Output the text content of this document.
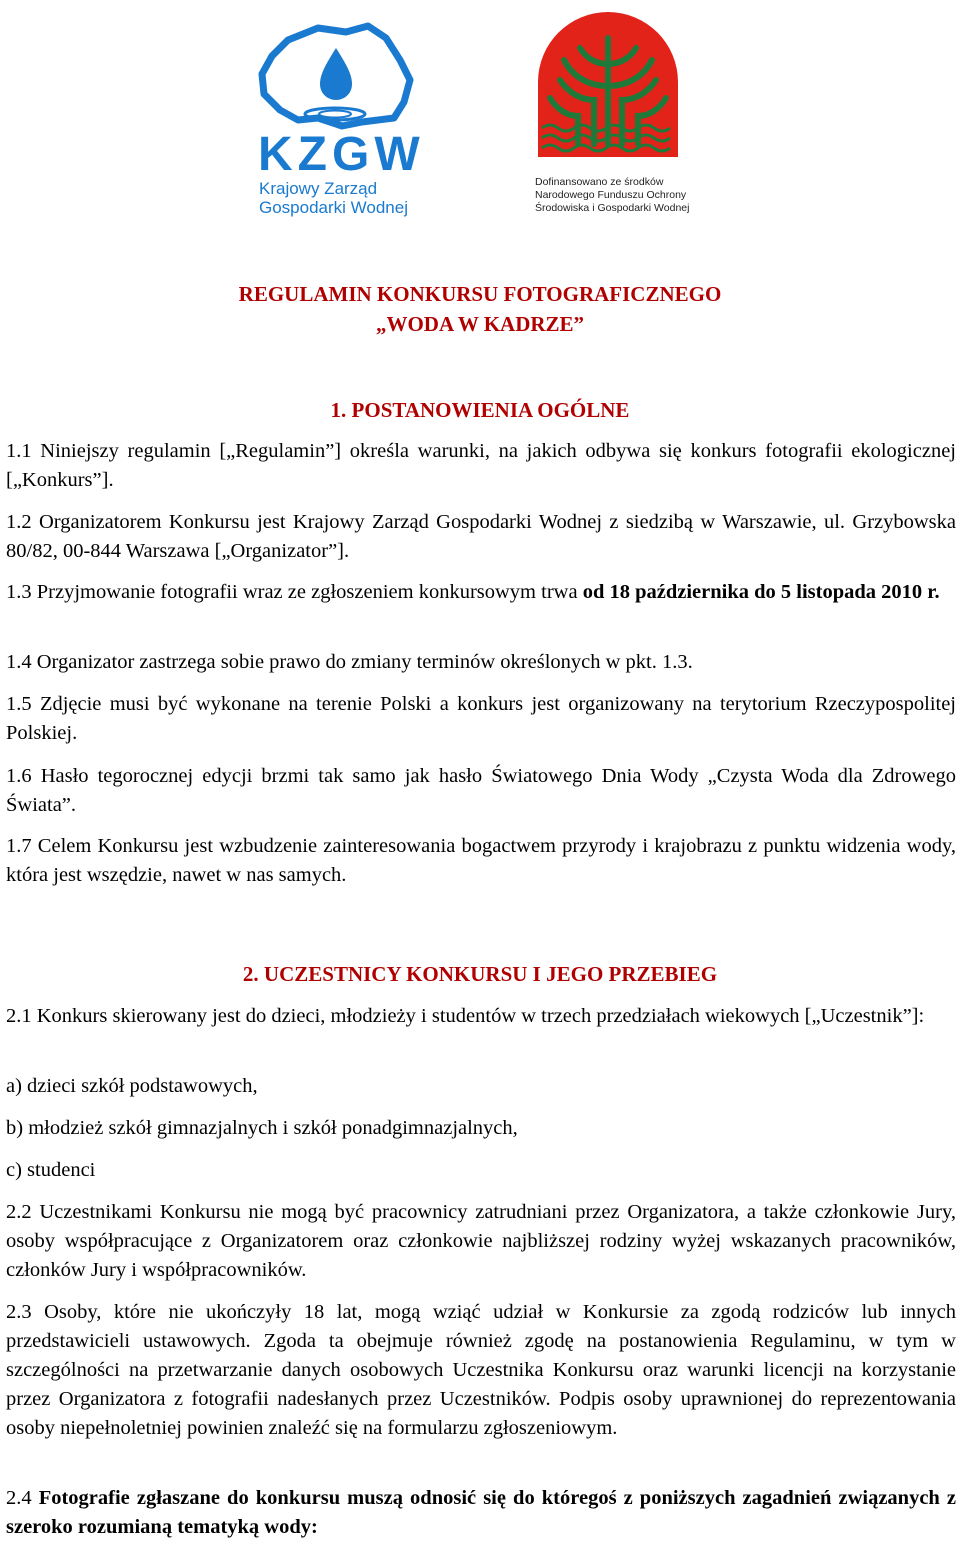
KZGW
Krajowy Zarząd
Gospodarki Wodnej
Dofinansowano ze środków
Narodowego Funduszu Ochrony
Środowiska i Gospodarki Wodnej
REGULAMIN KONKURSU FOTOGRAFICZNEGO
„WODA W KADRZE”
1. POSTANOWIENIA OGÓLNE
1.1 Niniejszy regulamin [„Regulamin”] określa warunki, na jakich odbywa się konkurs fotografii ekologicznej [„Konkurs”].
1.2 Organizatorem Konkursu jest Krajowy Zarząd Gospodarki Wodnej z siedzibą w Warszawie, ul. Grzybowska 80/82, 00-844 Warszawa [„Organizator”].
1.3 Przyjmowanie fotografii wraz ze zgłoszeniem konkursowym trwa od 18 października do 5 listopada 2010 r.
1.4 Organizator zastrzega sobie prawo do zmiany terminów określonych w pkt. 1.3.
1.5 Zdjęcie musi być wykonane na terenie Polski a konkurs jest organizowany na terytorium Rzeczypospolitej Polskiej.
1.6 Hasło tegorocznej edycji brzmi tak samo jak hasło Światowego Dnia Wody „Czysta Woda dla Zdrowego Świata”.
1.7 Celem Konkursu jest wzbudzenie zainteresowania bogactwem przyrody i krajobrazu z punktu widzenia wody, która jest wszędzie, nawet w nas samych.
2. UCZESTNICY KONKURSU I JEGO PRZEBIEG
2.1 Konkurs skierowany jest do dzieci, młodzieży i studentów w trzech przedziałach wiekowych [„Uczestnik”]:
a) dzieci szkół podstawowych,
b) młodzież szkół gimnazjalnych i szkół ponadgimnazjalnych,
c) studenci
2.2 Uczestnikami Konkursu nie mogą być pracownicy zatrudniani przez Organizatora, a także członkowie Jury, osoby współpracujące z Organizatorem oraz członkowie najbliższej rodziny wyżej wskazanych pracowników, członków Jury i współpracowników.
2.3 Osoby, które nie ukończyły 18 lat, mogą wziąć udział w Konkursie za zgodą rodziców lub innych przedstawicieli ustawowych. Zgoda ta obejmuje również zgodę na postanowienia Regulaminu, w tym w szczególności na przetwarzanie danych osobowych Uczestnika Konkursu oraz warunki licencji na korzystanie przez Organizatora z fotografii nadesłanych przez Uczestników. Podpis osoby uprawnionej do reprezentowania osoby niepełnoletniej powinien znaleźć się na formularzu zgłoszeniowym.
2.4 Fotografie zgłaszane do konkursu muszą odnosić się do któregoś z poniższych zagadnień związanych z szeroko rozumianą tematyką wody:
